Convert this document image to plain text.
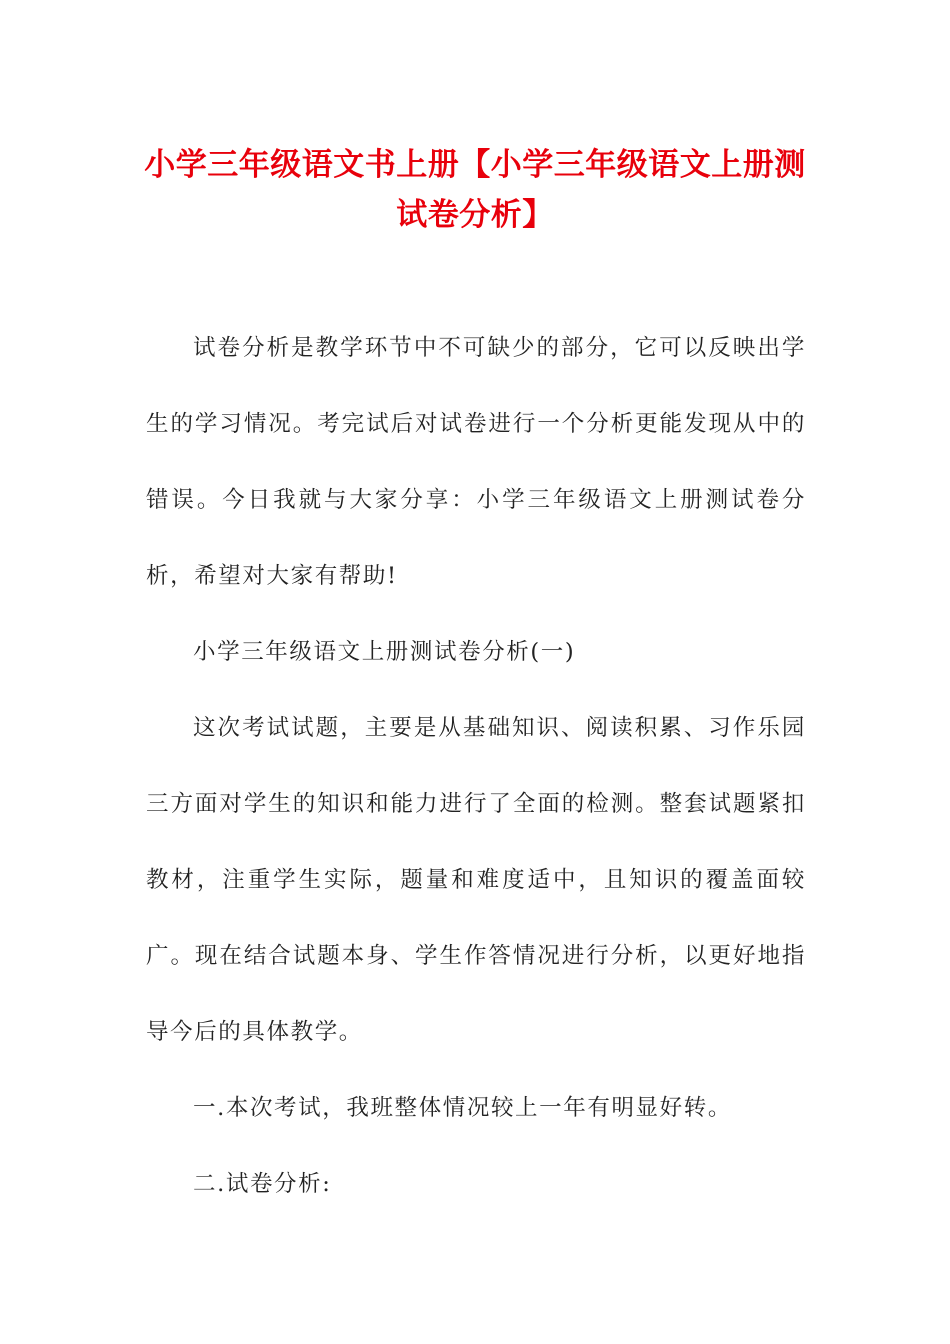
小学三年级语文书上册【小学三年级语文上册测试卷分析】

试卷分析是教学环节中不可缺少的部分，它可以反映出学生的学习情况。考完试后对试卷进行一个分析更能发现从中的错误。今日我就与大家分享：小学三年级语文上册测试卷分析，希望对大家有帮助!

小学三年级语文上册测试卷分析(一)

这次考试试题，主要是从基础知识、阅读积累、习作乐园三方面对学生的知识和能力进行了全面的检测。整套试题紧扣教材，注重学生实际，题量和难度适中，且知识的覆盖面较广。现在结合试题本身、学生作答情况进行分析，以更好地指导今后的具体教学。

一.本次考试，我班整体情况较上一年有明显好转。

二.试卷分析:
